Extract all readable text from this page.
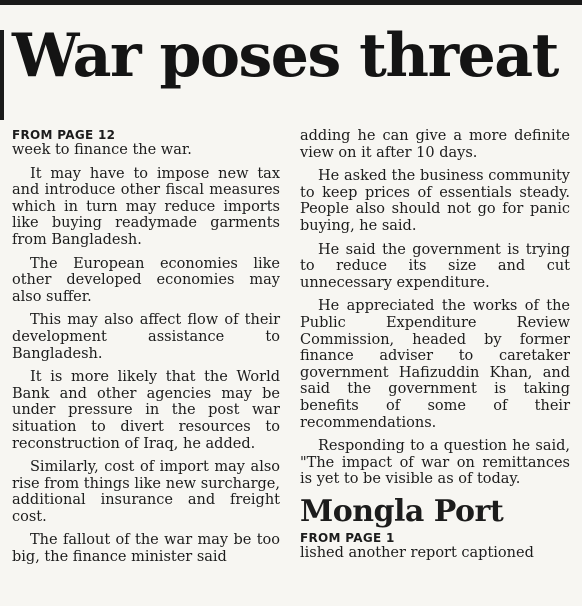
War poses threat
FROM PAGE 12

week to finance the war.

It may have to impose new tax and introduce other fiscal measures which in turn may reduce imports like buying readymade garments from Bangladesh.

The European economies like other developed economies may also suffer.

This may also affect flow of their development assistance to Bangladesh.

It is more likely that the World Bank and other agencies may be under pressure in the post war situation to divert resources to reconstruction of Iraq, he added.

Similarly, cost of import may also rise from things like new surcharge, additional insurance and freight cost.

The fallout of the war may be too big, the finance minister said

adding he can give a more definite view on it after 10 days.

He asked the business community to keep prices of essentials steady. People also should not go for panic buying, he said.

He said the government is trying to reduce its size and cut unnecessary expenditure.

He appreciated the works of the Public Expenditure Review Commission, headed by former finance adviser to caretaker government Hafizuddin Khan, and said the government is taking benefits of some of their recommendations.

Responding to a question he said, "The impact of war on remittances is yet to be visible as of today.

Mongla Port
FROM PAGE 1

lished another report captioned
